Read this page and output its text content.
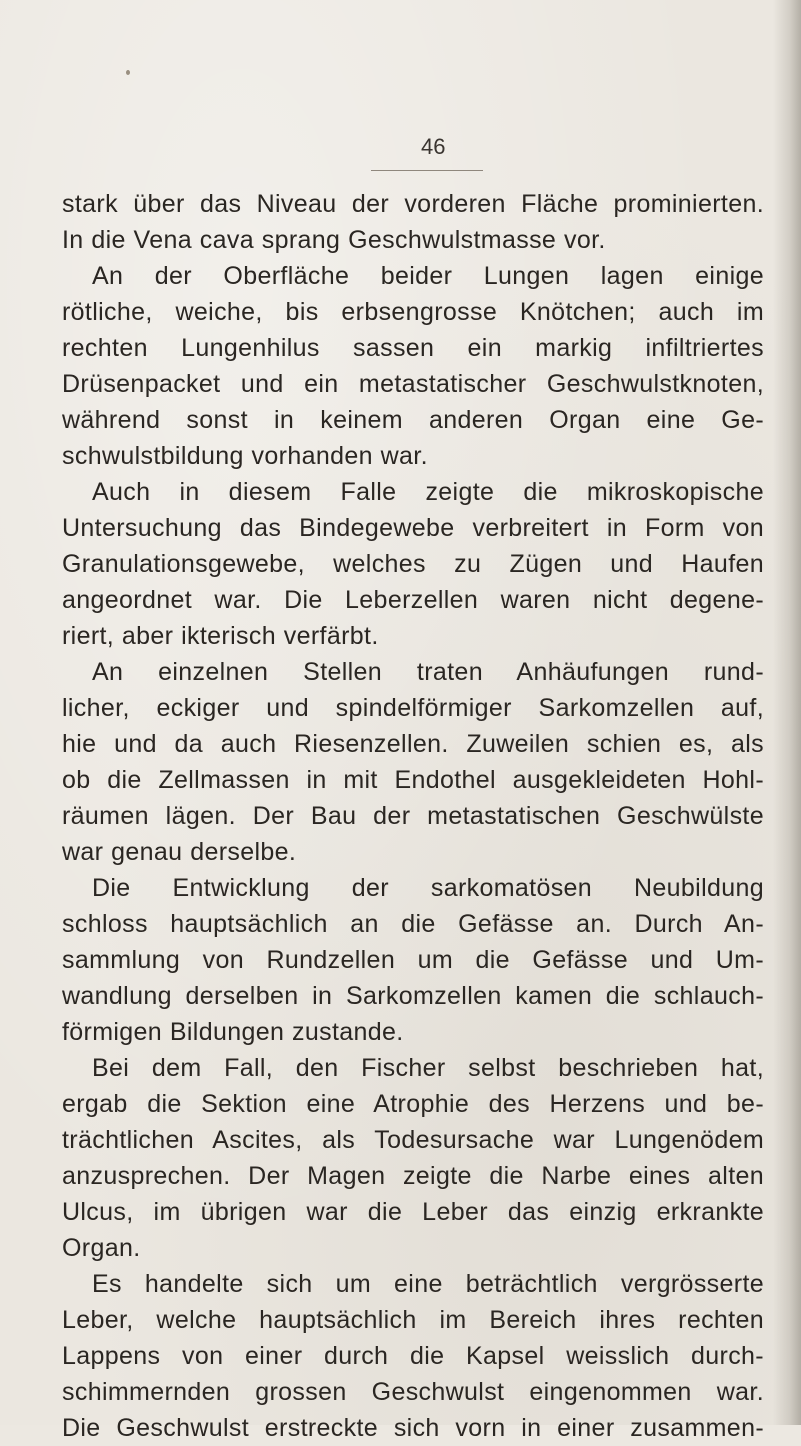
46
stark über das Niveau der vorderen Fläche prominierten.
In die Vena cava sprang Geschwulstmasse vor.
An der Oberfläche beider Lungen lagen einige
rötliche, weiche, bis erbsengrosse Knötchen; auch im
rechten Lungenhilus sassen ein markig infiltriertes
Drüsenpacket und ein metastatischer Geschwulstknoten,
während sonst in keinem anderen Organ eine Ge-
schwulstbildung vorhanden war.
Auch in diesem Falle zeigte die mikroskopische
Untersuchung das Bindegewebe verbreitert in Form von
Granulationsgewebe, welches zu Zügen und Haufen
angeordnet war. Die Leberzellen waren nicht degene-
riert, aber ikterisch verfärbt.
An einzelnen Stellen traten Anhäufungen rund-
licher, eckiger und spindelförmiger Sarkomzellen auf,
hie und da auch Riesenzellen. Zuweilen schien es, als
ob die Zellmassen in mit Endothel ausgekleideten Hohl-
räumen lägen. Der Bau der metastatischen Geschwülste
war genau derselbe.
Die Entwicklung der sarkomatösen Neubildung
schloss hauptsächlich an die Gefässe an. Durch An-
sammlung von Rundzellen um die Gefässe und Um-
wandlung derselben in Sarkomzellen kamen die schlauch-
förmigen Bildungen zustande.
Bei dem Fall, den Fischer selbst beschrieben hat,
ergab die Sektion eine Atrophie des Herzens und be-
trächtlichen Ascites, als Todesursache war Lungenödem
anzusprechen. Der Magen zeigte die Narbe eines alten
Ulcus, im übrigen war die Leber das einzig erkrankte
Organ.
Es handelte sich um eine beträchtlich vergrösserte
Leber, welche hauptsächlich im Bereich ihres rechten
Lappens von einer durch die Kapsel weisslich durch-
schimmernden grossen Geschwulst eingenommen war.
Die Geschwulst erstreckte sich vorn in einer zusammen-
